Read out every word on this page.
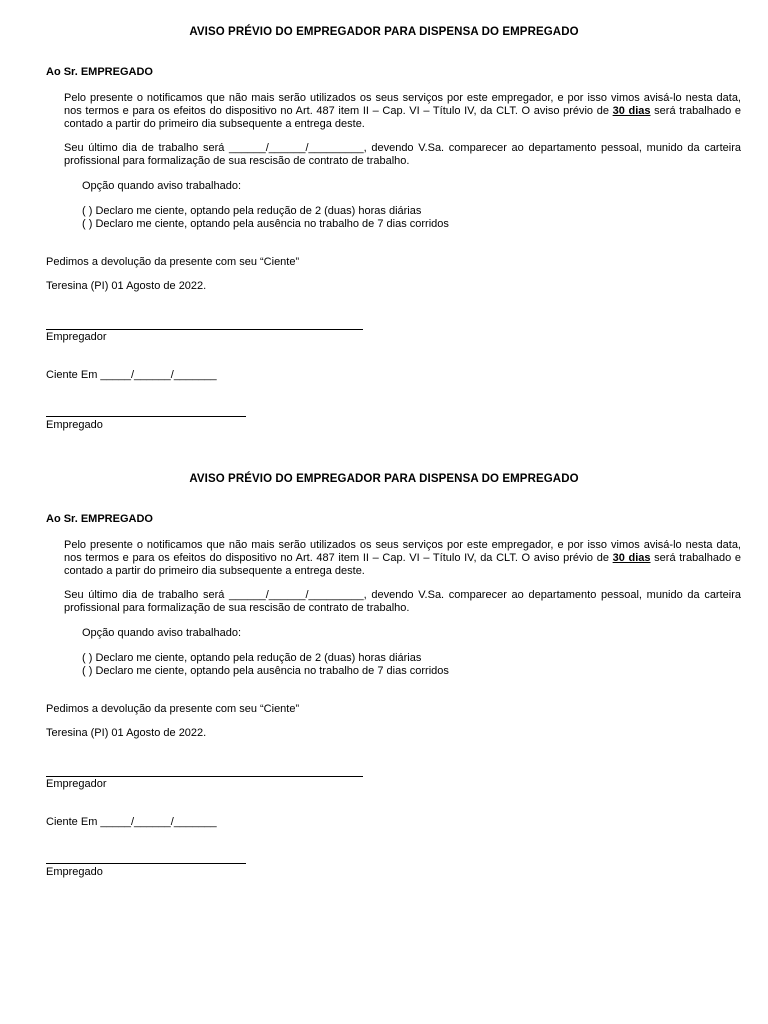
AVISO PRÉVIO DO EMPREGADOR PARA DISPENSA DO EMPREGADO
Ao Sr. EMPREGADO
Pelo presente o notificamos que não mais serão utilizados os seus serviços por este empregador, e por isso vimos avisá-lo nesta data, nos termos e para os efeitos do dispositivo no Art. 487 item II – Cap. VI – Título IV, da CLT. O aviso prévio de 30 dias será trabalhado e contado a partir do primeiro dia subsequente a entrega deste.
Seu último dia de trabalho será ______/______/_________, devendo V.Sa. comparecer ao departamento pessoal, munido da carteira profissional para formalização de sua rescisão de contrato de trabalho.
Opção quando aviso trabalhado:
( ) Declaro me ciente, optando pela redução de 2 (duas) horas diárias
( ) Declaro me ciente, optando pela ausência no trabalho de 7 dias corridos
Pedimos a devolução da presente com seu “Ciente”
Teresina (PI) 01 Agosto de 2022.
Empregador
Ciente Em _____/______/_______
Empregado
AVISO PRÉVIO DO EMPREGADOR PARA DISPENSA DO EMPREGADO
Ao Sr. EMPREGADO
Pelo presente o notificamos que não mais serão utilizados os seus serviços por este empregador, e por isso vimos avisá-lo nesta data, nos termos e para os efeitos do dispositivo no Art. 487 item II – Cap. VI – Título IV, da CLT. O aviso prévio de 30 dias será trabalhado e contado a partir do primeiro dia subsequente a entrega deste.
Seu último dia de trabalho será ______/______/_________, devendo V.Sa. comparecer ao departamento pessoal, munido da carteira profissional para formalização de sua rescisão de contrato de trabalho.
Opção quando aviso trabalhado:
( ) Declaro me ciente, optando pela redução de 2 (duas) horas diárias
( ) Declaro me ciente, optando pela ausência no trabalho de 7 dias corridos
Pedimos a devolução da presente com seu “Ciente”
Teresina (PI) 01 Agosto de 2022.
Empregador
Ciente Em _____/______/_______
Empregado
